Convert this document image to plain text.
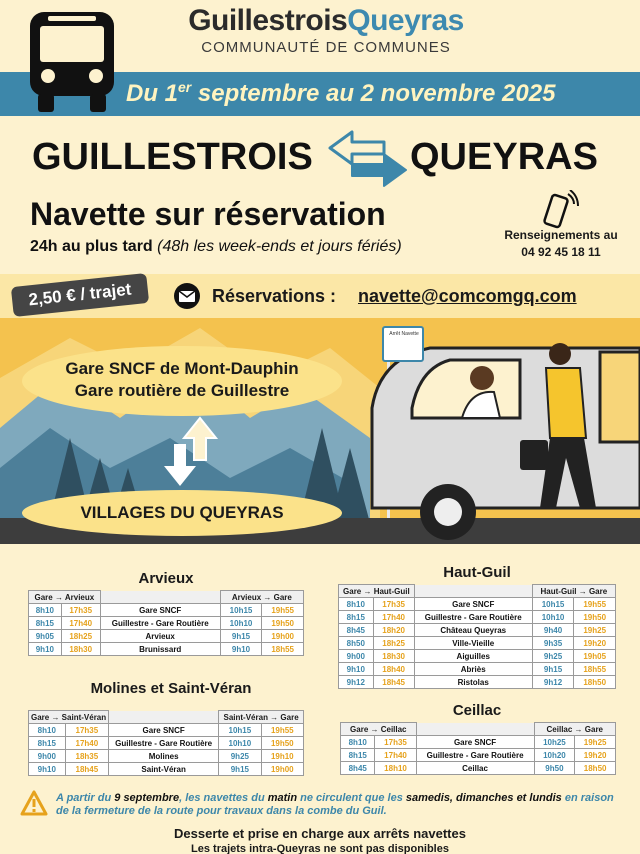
GuillestroisQueyras
COMMUNAUTÉ DE COMMUNES
Du 1er septembre au 2 novembre 2025
GUILLESTROIS	QUEYRAS
Navette sur réservation
24h au plus tard (48h les week-ends et jours fériés)
Renseignements au
04 92 45 18 11
2,50 € / trajet	Réservations : navette@comcomgq.com
Arrêt Navette
Gare SNCF de Mont-Dauphin
Gare routière de Guillestre
VILLAGES DU QUEYRAS
Arvieux
Gare → Arvieux			Arvieux → Gare	
8h10	17h35	Gare SNCF	10h15	19h55
8h15	17h40	Guillestre - Gare Routière	10h10	19h50
9h05	18h25	Arvieux	9h15	19h00
9h10	18h30	Brunissard	9h10	18h55
Haut-Guil
Gare → Haut-Guil			Haut-Guil → Gare	
8h10	17h35	Gare SNCF	10h15	19h55
8h15	17h40	Guillestre - Gare Routière	10h10	19h50
8h45	18h20	Château Queyras	9h40	19h25
8h50	18h25	Ville-Vieille	9h35	19h20
9h00	18h30	Aiguilles	9h25	19h05
9h10	18h40	Abriès	9h15	18h55
9h12	18h45	Ristolas	9h12	18h50
Molines et Saint-Véran
Gare → Saint-Véran			Saint-Véran → Gare	
8h10	17h35	Gare SNCF	10h15	19h55
8h15	17h40	Guillestre - Gare Routière	10h10	19h50
9h00	18h35	Molines	9h25	19h10
9h10	18h45	Saint-Véran	9h15	19h00
Ceillac
Gare → Ceillac			Ceillac → Gare	
8h10	17h35	Gare SNCF	10h25	19h25
8h15	17h40	Guillestre - Gare Routière	10h20	19h20
8h45	18h10	Ceillac	9h50	18h50
A partir du 9 septembre, les navettes du matin ne circulent que les samedis, dimanches et lundis en raison de la fermeture de la route pour travaux dans la combe du Guil.
Desserte et prise en charge aux arrêts navettes
Les trajets intra-Queyras ne sont pas disponibles
